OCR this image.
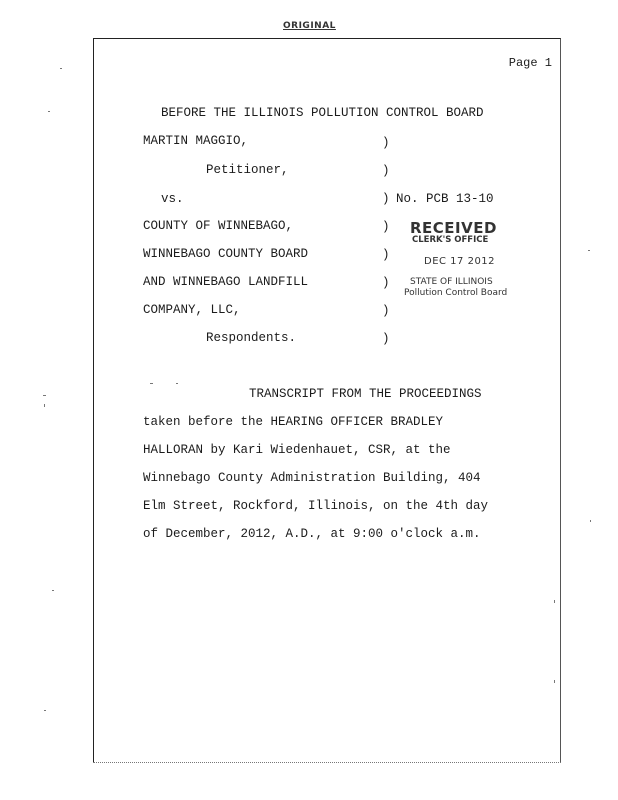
ORIGINAL
Page 1
BEFORE THE ILLINOIS POLLUTION CONTROL BOARD
MARTIN MAGGIO,
Petitioner,
vs.	No. PCB 13-10
COUNTY OF WINNEBAGO,
WINNEBAGO COUNTY BOARD
AND WINNEBAGO LANDFILL
COMPANY, LLC,
Respondents.
)
)
)
)
)
)
)
)
RECEIVED
CLERK'S OFFICE
DEC 17 2012
STATE OF ILLINOIS
Pollution Control Board
TRANSCRIPT FROM THE PROCEEDINGS
taken before the HEARING OFFICER BRADLEY
HALLORAN by Kari Wiedenhauet, CSR, at the
Winnebago County Administration Building, 404
Elm Street, Rockford, Illinois, on the 4th day
of December, 2012, A.D., at 9:00 o'clock a.m.
